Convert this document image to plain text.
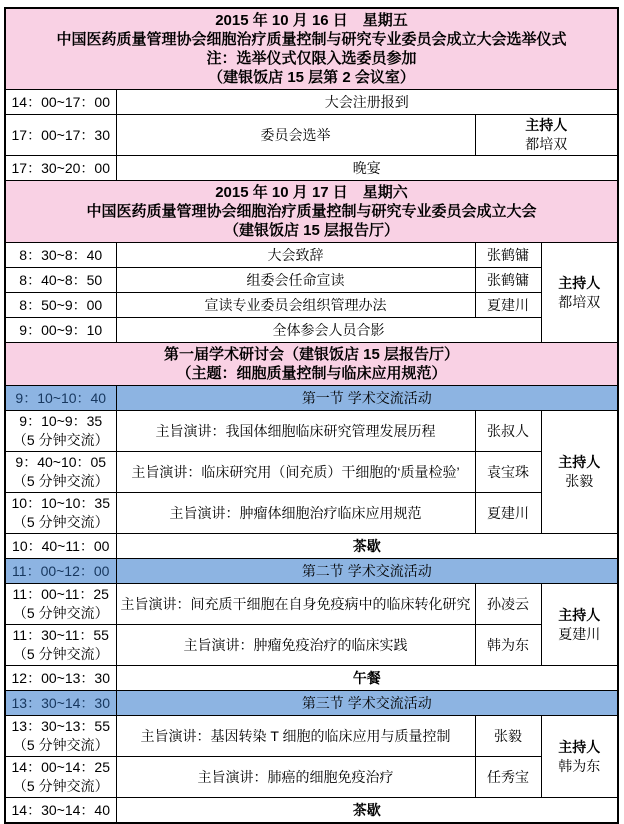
2015 年 10 月 16 日　星期五
中国医药质量管理协会细胞治疗质量控制与研究专业委员会成立大会选举仪式
注：选举仪式仅限入选委员参加
（建银饭店 15 层第 2 会议室）			

14：00~17：00	大会注册报到		
17：00~17：30	委员会选举	主持人
都培双	

17：30~20：00	晚宴		

2015 年 10 月 17 日　星期六
中国医药质量管理协会细胞治疗质量控制与研究专业委员会成立大会
（建银饭店 15 层报告厅）			

8：30~8：40	大会致辞	张鹤镛	主持人
都培双

8：40~8：50	组委会任命宣读	张鹤镛	
8：50~9：00	宣读专业委员会组织管理办法	夏建川	
9：00~9：10	全体参会人员合影		

第一届学术研讨会（建银饭店 15 层报告厅）
（主题：细胞质量控制与临床应用规范）			

9：10~10：40	第一节 学术交流活动		

9：10~9：35
（5 分钟交流）
	主旨演讲：我国体细胞临床研究管理发展历程	张叔人	
主持人
张毅

9：40~10：05
（5 分钟交流）	主旨演讲：临床研究用（间充质）干细胞的‘质量检验’	袁宝珠	

10：10~10：35
（5 分钟交流）	主旨演讲：肿瘤体细胞治疗临床应用规范	夏建川	
10：40~11：00	茶歇		
11：00~12：00	第二节 学术交流活动		

11：00~11：25
（5 分钟交流）
	主旨演讲：间充质干细胞在自身免疫病中的临床转化研究	孙凌云	
主持人
夏建川

11：30~11：55
（5 分钟交流）	主旨演讲：肿瘤免疫治疗的临床实践	韩为东	
12：00~13：30	午餐		
13：30~14：30	第三节 学术交流活动		

13：30~13：55
（5 分钟交流）
	主旨演讲：基因转染 T 细胞的临床应用与质量控制	张毅	
主持人
韩为东

14：00~14：25
（5 分钟交流）	主旨演讲：肺癌的细胞免疫治疗	任秀宝	
14：30~14：40	茶歇		
